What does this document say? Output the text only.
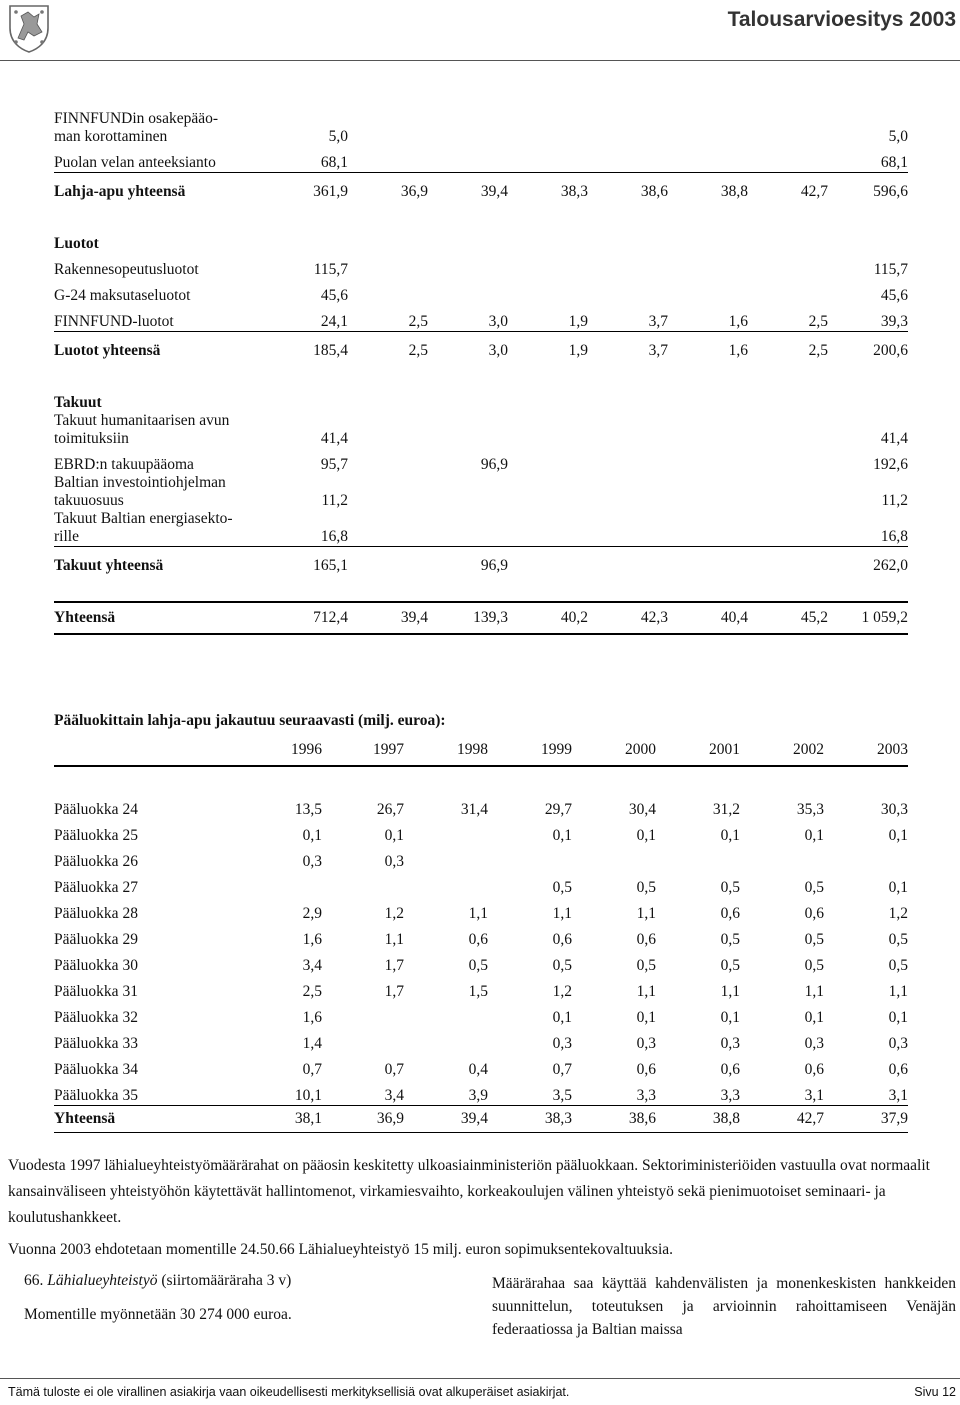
Talousarvioesitys 2003
FINNFUNDin osakepääo-
man korottaminen	5,0							5,0
Puolan velan anteeksianto	68,1							68,1
Lahja-apu yhteensä	361,9	36,9	39,4	38,3	38,6	38,8	42,7	596,6

Luotot								
Rakennesopeutusluotot	115,7							115,7
G-24 maksutaseluotot	45,6							45,6
FINNFUND-luotot	24,1	2,5	3,0	1,9	3,7	1,6	2,5	39,3
Luotot yhteensä	185,4	2,5	3,0	1,9	3,7	1,6	2,5	200,6

Takuut								

Takuut humanitaarisen avun
toimituksiin	41,4							41,4
EBRD:n takuupääoma	95,7		96,9					192,6

Baltian investointiohjelman
takuuosuus	11,2							11,2

Takuut Baltian energiasekto-
rille	16,8							16,8
Takuut yhteensä	165,1		96,9					262,0

Yhteensä	712,4	39,4	139,3	40,2	42,3	40,4	45,2	1 059,2
Pääluokittain lahja-apu jakautuu seuraavasti (milj. euroa):
	1996	1997	1998	1999	2000	2001	2002	2003

Pääluokka 24	13,5	26,7	31,4	29,7	30,4	31,2	35,3	30,3
Pääluokka 25	0,1	0,1		0,1	0,1	0,1	0,1	0,1
Pääluokka 26	0,3	0,3						
Pääluokka 27				0,5	0,5	0,5	0,5	0,1
Pääluokka 28	2,9	1,2	1,1	1,1	1,1	0,6	0,6	1,2
Pääluokka 29	1,6	1,1	0,6	0,6	0,6	0,5	0,5	0,5
Pääluokka 30	3,4	1,7	0,5	0,5	0,5	0,5	0,5	0,5
Pääluokka 31	2,5	1,7	1,5	1,2	1,1	1,1	1,1	1,1
Pääluokka 32	1,6			0,1	0,1	0,1	0,1	0,1
Pääluokka 33	1,4			0,3	0,3	0,3	0,3	0,3
Pääluokka 34	0,7	0,7	0,4	0,7	0,6	0,6	0,6	0,6
Pääluokka 35	10,1	3,4	3,9	3,5	3,3	3,3	3,1	3,1
Yhteensä	38,1	36,9	39,4	38,3	38,6	38,8	42,7	37,9

Vuodesta 1997 lähialueyhteistyömäärärahat on pääosin keskitetty ulkoasiainministeriön pääluokkaan. Sektoriministeriöiden vastuulla ovat normaalit kansainväliseen yhteistyöhön käytettävät hallintomenot, virkamiesvaihto, korkeakoulujen välinen yhteistyö sekä pienimuotoiset seminaari- ja koulutushankkeet.

Vuonna 2003 ehdotetaan momentille 24.50.66 Lähialueyhteistyö 15 milj. euron sopimuksentekovaltuuksia.

66. Lähialueyhteistyö (siirtomääräraha 3 v)
Momentille myönnetään 30 274 000 euroa.
Määrärahaa saa käyttää kahdenvälisten ja monenkeskisten hankkeiden suunnittelun, toteutuksen ja arvioinnin rahoittamiseen Venäjän federaatiossa ja Baltian maissa
Tämä tuloste ei ole virallinen asiakirja vaan oikeudellisesti merkityksellisiä ovat alkuperäiset asiakirjat.	Sivu 12
